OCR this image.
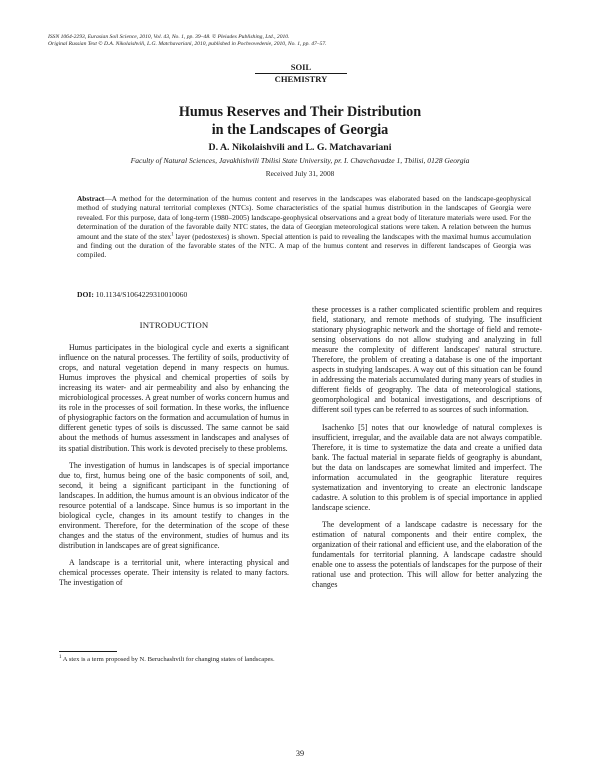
ISSN 1064-2293, Eurasian Soil Science, 2010, Vol. 43, No. 1, pp. 39–48. © Pleiades Publishing, Ltd., 2010.
Original Russian Text © D.A. Nikolaishvili, L.G. Matchavariani, 2010, published in Pochvovedenie, 2010, No. 1, pp. 47–57.
SOIL
CHEMISTRY
Humus Reserves and Their Distribution
in the Landscapes of Georgia
D. A. Nikolaishvili and L. G. Matchavariani
Faculty of Natural Sciences, Javakhishvili Tbilisi State University, pr. I. Chavchavadze 1, Tbilisi, 0128 Georgia
Received July 31, 2008
Abstract—A method for the determination of the humus content and reserves in the landscapes was elaborated based on the landscape-geophysical method of studying natural territorial complexes (NTCs). Some characteristics of the spatial humus distribution in the landscapes of Georgia were revealed. For this purpose, data of long-term (1980–2005) landscape-geophysical observations and a great body of literature materials were used. For the determination of the duration of the favorable daily NTC states, the data of Georgian meteorological stations were taken. A relation between the humus amount and the state of the stex$^1$ layer (pedostexes) is shown. Special attention is paid to revealing the landscapes with the maximal humus accumulation and finding out the duration of the favorable states of the NTC. A map of the humus content and reserves in different landscapes of Georgia was compiled.
DOI: 10.1134/S1064229310010060
INTRODUCTION

Humus participates in the biological cycle and exerts a significant influence on the natural processes. The fertility of soils, productivity of crops, and natural vegetation depend in many respects on humus. Humus improves the physical and chemical properties of soils by increasing its water- and air permeability and also by enhancing the microbiological processes. A great number of works concern humus and its role in the processes of soil formation. In these works, the influence of physiographic factors on the formation and accumulation of humus in different genetic types of soils is discussed. The same cannot be said about the methods of humus assessment in landscapes and analyses of its spatial distribution. This work is devoted precisely to these problems.

The investigation of humus in landscapes is of special importance due to, first, humus being one of the basic components of soil, and, second, it being a significant participant in the functioning of landscapes. In addition, the humus amount is an obvious indicator of the resource potential of a landscape. Since humus is so important in the biological cycle, changes in its amount testify to changes in the environment. Therefore, for the determination of the scope of these changes and the status of the environment, studies of humus and its distribution in landscapes are of great significance.

A landscape is a territorial unit, where interacting physical and chemical processes operate. Their intensity is related to many factors. The investigation of

these processes is a rather complicated scientific problem and requires field, stationary, and remote methods of studying. The insufficient stationary physiographic network and the shortage of field and remote-sensing observations do not allow studying and analyzing in full measure the complexity of different landscapes' natural structure. Therefore, the problem of creating a database is one of the important aspects in studying landscapes. A way out of this situation can be found in addressing the materials accumulated during many years of studies in different fields of geography. The data of meteorological stations, geomorphological and botanical investigations, and descriptions of different soil types can be referred to as sources of such information.

Isachenko [5] notes that our knowledge of natural complexes is insufficient, irregular, and the available data are not always compatible. Therefore, it is time to systematize the data and create a unified data bank. The factual material in separate fields of geography is abundant, but the data on landscapes are somewhat limited and imperfect. The information accumulated in the geographic literature requires systematization and inventorying to create an electronic landscape cadastre. A solution to this problem is of special importance in applied landscape science.

The development of a landscape cadastre is necessary for the estimation of natural components and their entire complex, the organization of their rational and efficient use, and the elaboration of the fundamentals for territorial planning. A landscape cadastre should enable one to assess the potentials of landscapes for the purpose of their rational use and protection. This will allow for better analyzing the changes

$^1$ A stex is a term proposed by N. Beruchashvili for changing states of landscapes.
39
